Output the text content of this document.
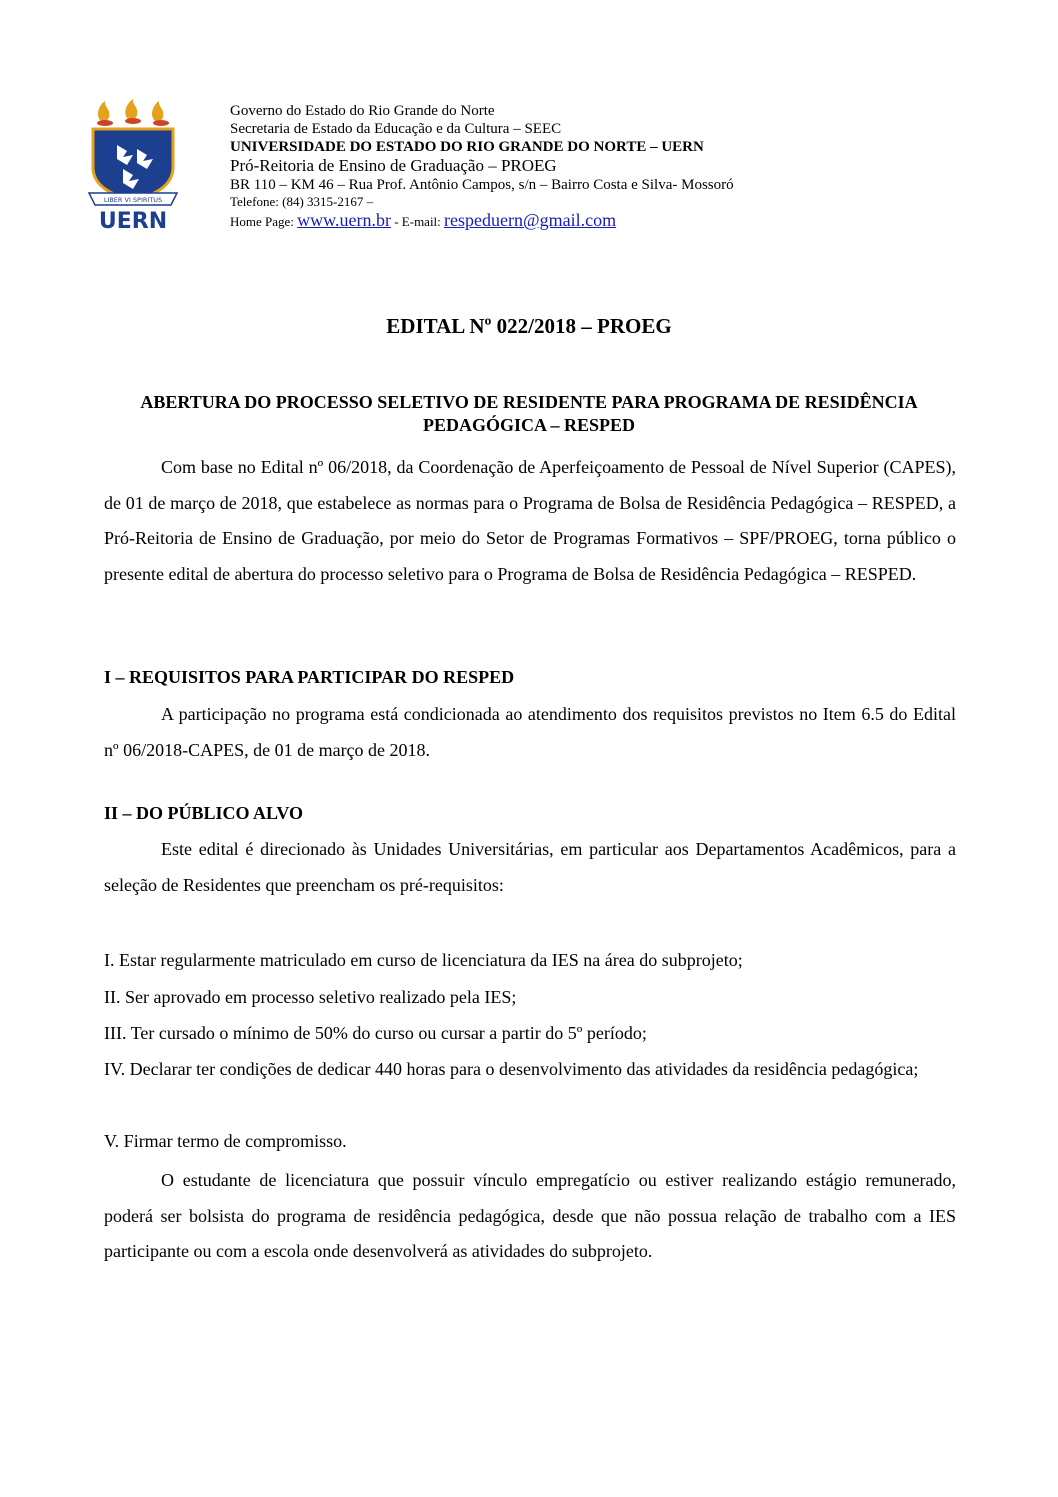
LIBER VI SPIRITUS
UERN
Governo do Estado do Rio Grande do Norte
Secretaria de Estado da Educação e da Cultura – SEEC
UNIVERSIDADE DO ESTADO DO RIO GRANDE DO NORTE – UERN
Pró-Reitoria de Ensino de Graduação – PROEG
BR 110 – KM 46 – Rua Prof. Antônio Campos, s/n – Bairro Costa e Silva- Mossoró
Telefone: (84) 3315-2167 –
Home Page: www.uern.br - E-mail: respeduern@gmail.com
EDITAL Nº 022/2018 – PROEG
ABERTURA DO PROCESSO SELETIVO DE RESIDENTE PARA PROGRAMA DE RESIDÊNCIA PEDAGÓGICA – RESPED

Com base no Edital nº 06/2018, da Coordenação de Aperfeiçoamento de Pessoal de Nível Superior (CAPES), de 01 de março de 2018, que estabelece as normas para o Programa de Bolsa de Residência Pedagógica – RESPED, a Pró-Reitoria de Ensino de Graduação, por meio do Setor de Programas Formativos – SPF/PROEG, torna público o presente edital de abertura do processo seletivo para o Programa de Bolsa de Residência Pedagógica – RESPED.

I – REQUISITOS PARA PARTICIPAR DO RESPED

A participação no programa está condicionada ao atendimento dos requisitos previstos no Item 6.5 do Edital nº 06/2018-CAPES, de 01 de março de 2018.

II – DO PÚBLICO ALVO

Este edital é direcionado às Unidades Universitárias, em particular aos Departamentos Acadêmicos, para a seleção de Residentes que preencham os pré-requisitos:

I. Estar regularmente matriculado em curso de licenciatura da IES na área do subprojeto;

II. Ser aprovado em processo seletivo realizado pela IES;

III. Ter cursado o mínimo de 50% do curso ou cursar a partir do 5º período;

IV. Declarar ter condições de dedicar 440 horas para o desenvolvimento das atividades da residência pedagógica;

V. Firmar termo de compromisso.

O estudante de licenciatura que possuir vínculo empregatício ou estiver realizando estágio remunerado, poderá ser bolsista do programa de residência pedagógica, desde que não possua relação de trabalho com a IES participante ou com a escola onde desenvolverá as atividades do subprojeto.
